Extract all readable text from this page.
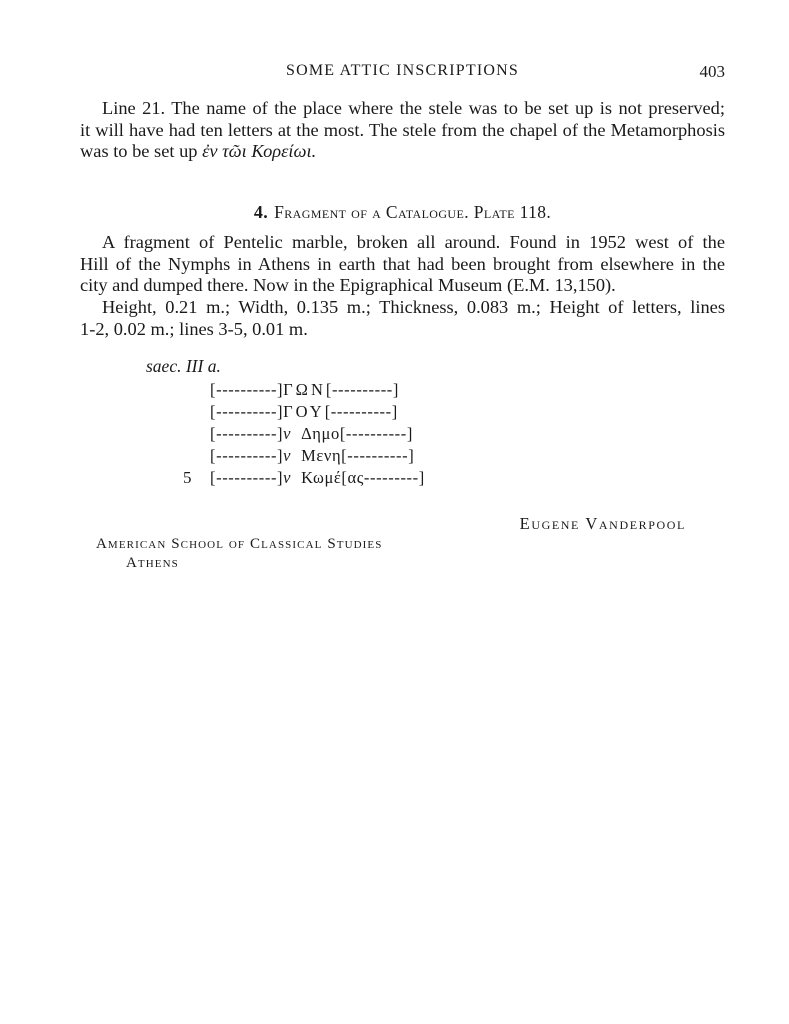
SOME ATTIC INSCRIPTIONS	403

Line 21. The name of the place where the stele was to be set up is not preserved;
it will have had ten letters at the most. The stele from the chapel of the Metamorphosis
was to be set up ἐν τῶι Κορείωι.

4. Fragment of a Catalogue. Plate 118.

A fragment of Pentelic marble, broken all around. Found in 1952 west of the
Hill of the Nymphs in Athens in earth that had been brought from elsewhere in the
city and dumped there. Now in the Epigraphical Museum (E.M. 13,150).

Height, 0.21 m.; Width, 0.135 m.; Thickness, 0.083 m.; Height of letters, lines
1-2, 0.02 m.; lines 3-5, 0.01 m.

saec. III a.
[----------]ΓΩΝ[----------]
[----------]ΓΟΥ[----------]
[----------]v Δημο[----------]
[----------]v Μενη[----------]
5 [----------]v Κωμέ[ας---------]
Eugene Vanderpool
American School of Classical Studies
Athens
